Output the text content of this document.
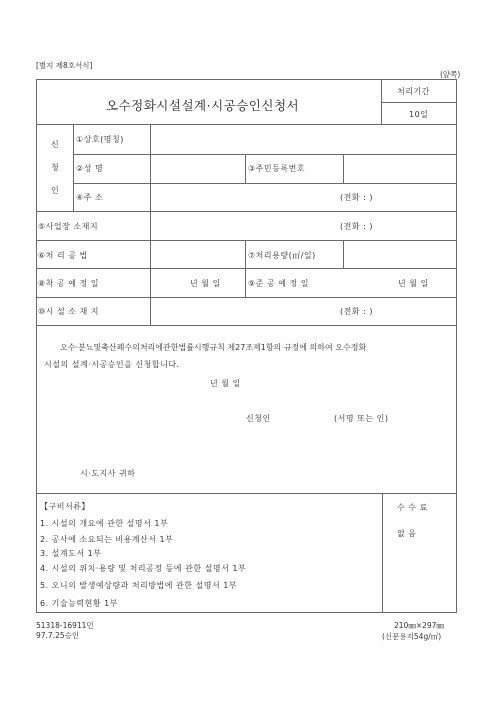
[별지 제8호서식]
(앞쪽)
오수정화시설설계·시공승인신청서
처리기간
10일
신
청
인
①상호(명칭)
②성 명	③주민등록번호
④주 소	(전화 : )
⑤사업장 소재지	(전화 : )
⑥처 리 공 법	⑦처리용량(㎥/일)
⑧착 공 예 정 일	년 월 일	⑨준 공 예 정 일	년 월 일
⑩시 설 소 재 지	(전화 : )
오수·분뇨및축산폐수의처리에관한법률시행규칙 제27조제1항의 규정에 의하여 오수정화
시설의 설계·시공승인을 신청합니다.
년 월 일
신청인	(서명 또는 인)
시·도지사 귀하
【구비서류】
1. 시설의 개요에 관한 설명서 1부
2. 공사에 소요되는 비용계산서 1부
3. 설계도서 1부
4. 시설의 위치·용량 및 처리공정 등에 관한 설명서 1부
5. 오니의 발생예상량과 처리방법에 관한 설명서 1부
6. 기술능력현황 1부
수 수 료
없 음
51318-16911민
97.7.25승인
210㎜×297㎜
(신문용지54g/㎡)
